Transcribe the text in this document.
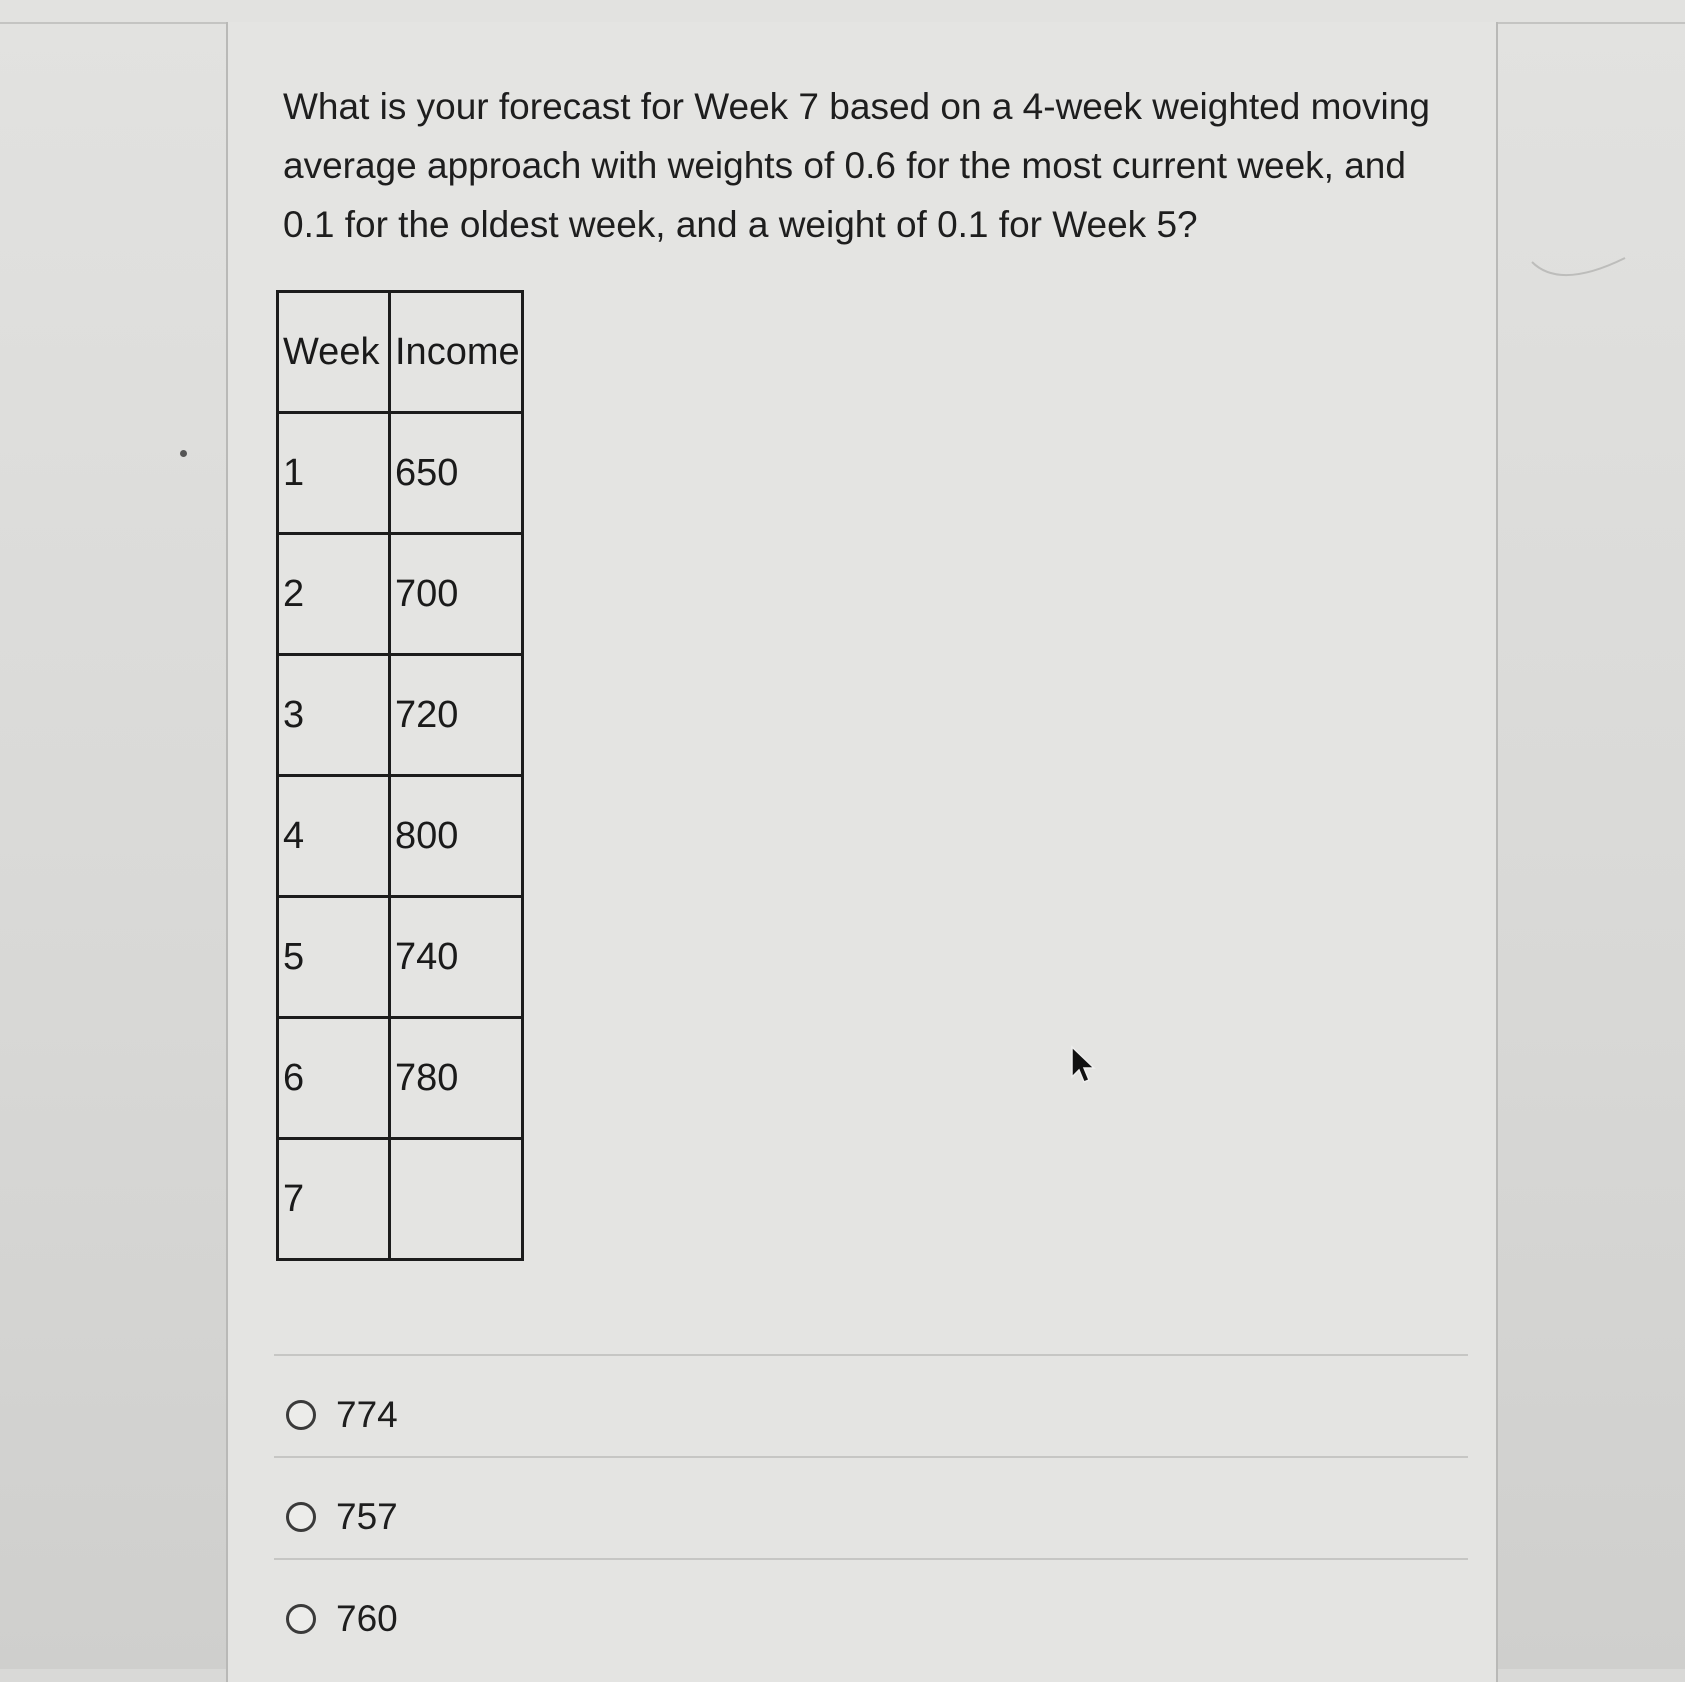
What is your forecast for Week 7 based on a 4-week weighted moving average approach with weights of 0.6 for the most current week, and 0.1 for the oldest week, and a weight of 0.1 for Week 5?

Week	Income
1	650
2	700
3	720
4	800
5	740
6	780
7	
774
757
760
